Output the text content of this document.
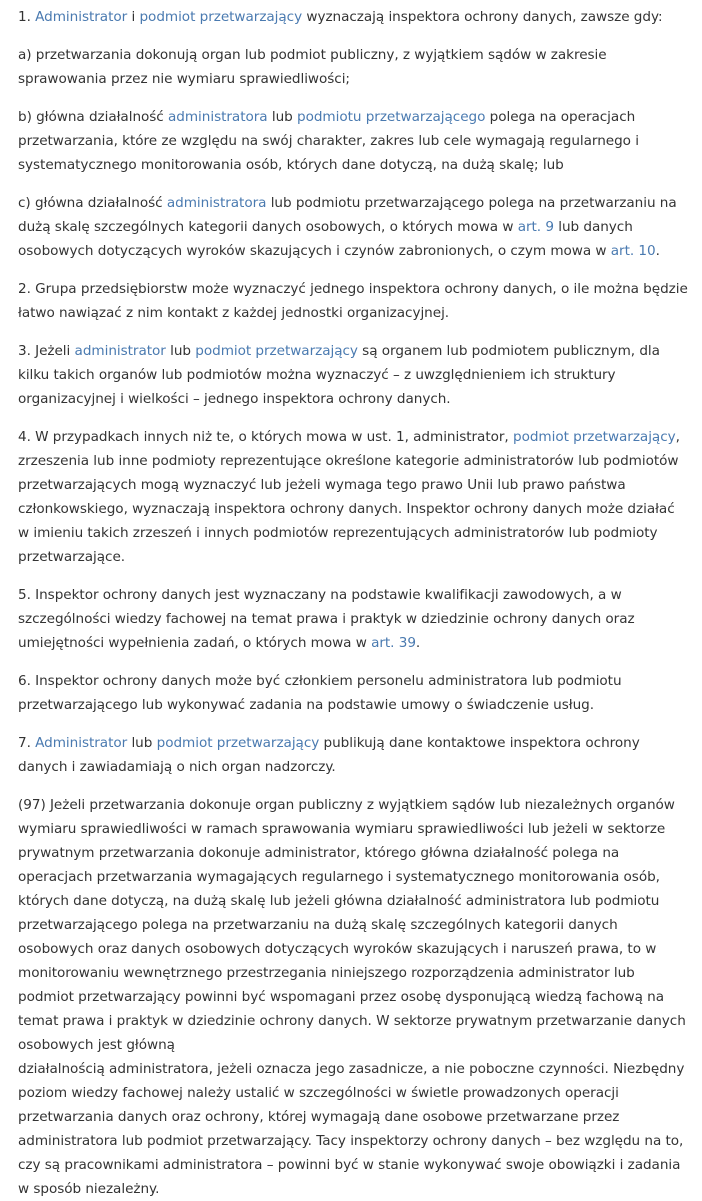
1. Administrator i podmiot przetwarzający wyznaczają inspektora ochrony danych, zawsze gdy:

a) przetwarzania dokonują organ lub podmiot publiczny, z wyjątkiem sądów w zakresie sprawowania przez nie wymiaru sprawiedliwości;

b) główna działalność administratora lub podmiotu przetwarzającego polega na operacjach przetwarzania, które ze względu na swój charakter, zakres lub cele wymagają regularnego i systematycznego monitorowania osób, których dane dotyczą, na dużą skalę; lub

c) główna działalność administratora lub podmiotu przetwarzającego polega na przetwarzaniu na dużą skalę szczególnych kategorii danych osobowych, o których mowa w art. 9 lub danych osobowych dotyczących wyroków skazujących i czynów zabronionych, o czym mowa w art. 10.

2. Grupa przedsiębiorstw może wyznaczyć jednego inspektora ochrony danych, o ile można będzie łatwo nawiązać z nim kontakt z każdej jednostki organizacyjnej.

3. Jeżeli administrator lub podmiot przetwarzający są organem lub podmiotem publicznym, dla kilku takich organów lub podmiotów można wyznaczyć – z uwzględnieniem ich struktury organizacyjnej i wielkości – jednego inspektora ochrony danych.

4. W przypadkach innych niż te, o których mowa w ust. 1, administrator, podmiot przetwarzający, zrzeszenia lub inne podmioty reprezentujące określone kategorie administratorów lub podmiotów przetwarzających mogą wyznaczyć lub jeżeli wymaga tego prawo Unii lub prawo państwa członkowskiego, wyznaczają inspektora ochrony danych. Inspektor ochrony danych może działać w imieniu takich zrzeszeń i innych podmiotów reprezentujących administratorów lub podmioty przetwarzające.

5. Inspektor ochrony danych jest wyznaczany na podstawie kwalifikacji zawodowych, a w szczególności wiedzy fachowej na temat prawa i praktyk w dziedzinie ochrony danych oraz umiejętności wypełnienia zadań, o których mowa w art. 39.

6. Inspektor ochrony danych może być członkiem personelu administratora lub podmiotu przetwarzającego lub wykonywać zadania na podstawie umowy o świadczenie usług.

7. Administrator lub podmiot przetwarzający publikują dane kontaktowe inspektora ochrony danych i zawiadamiają o nich organ nadzorczy.

(97) Jeżeli przetwarzania dokonuje organ publiczny z wyjątkiem sądów lub niezależnych organów wymiaru sprawiedliwości w ramach sprawowania wymiaru sprawiedliwości lub jeżeli w sektorze prywatnym przetwarzania dokonuje administrator, którego główna działalność polega na operacjach przetwarzania wymagających regularnego i systematycznego monitorowania osób, których dane dotyczą, na dużą skalę lub jeżeli główna działalność administratora lub podmiotu przetwarzającego polega na przetwarzaniu na dużą skalę szczególnych kategorii danych osobowych oraz danych osobowych dotyczących wyroków skazujących i naruszeń prawa, to w monitorowaniu wewnętrznego przestrzegania niniejszego rozporządzenia administrator lub podmiot przetwarzający powinni być wspomagani przez osobę dysponującą wiedzą fachową na temat prawa i praktyk w dziedzinie ochrony danych. W sektorze prywatnym przetwarzanie danych osobowych jest główną
działalnością administratora, jeżeli oznacza jego zasadnicze, a nie poboczne czynności. Niezbędny poziom wiedzy fachowej należy ustalić w szczególności w świetle prowadzonych operacji przetwarzania danych oraz ochrony, której wymagają dane osobowe przetwarzane przez administratora lub podmiot przetwarzający. Tacy inspektorzy ochrony danych – bez względu na to, czy są pracownikami administratora – powinni być w stanie wykonywać swoje obowiązki i zadania w sposób niezależny.
